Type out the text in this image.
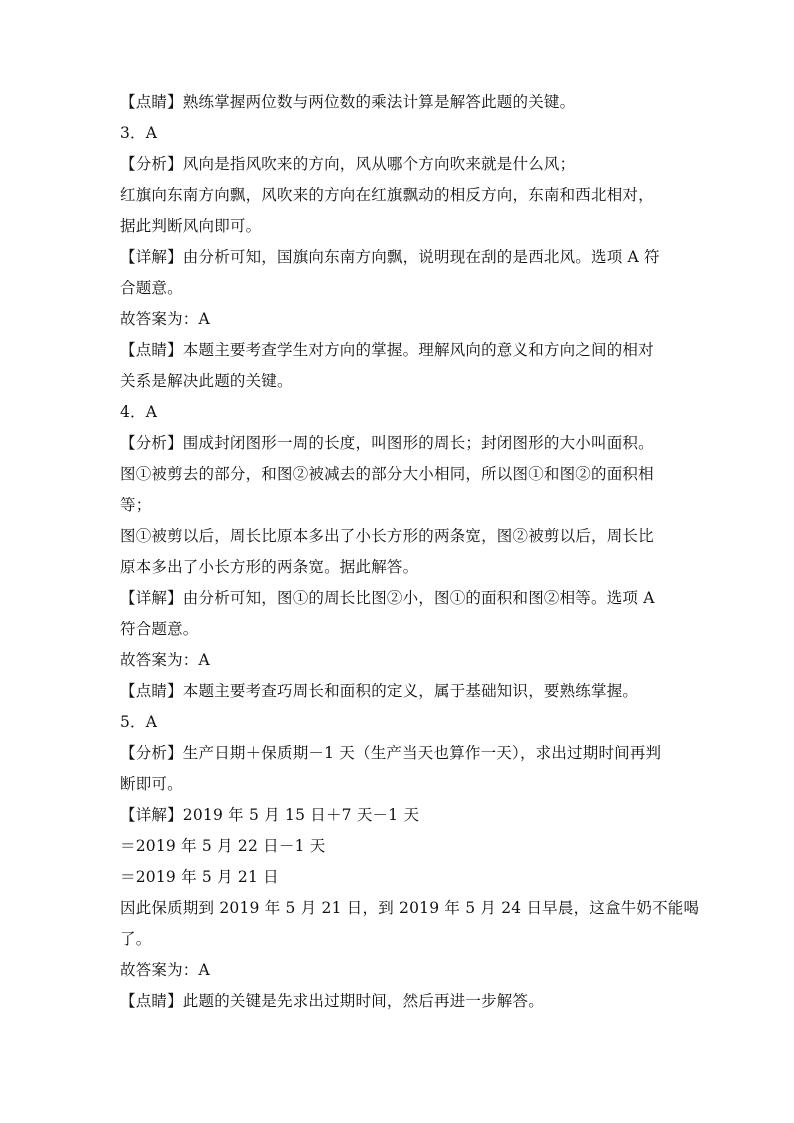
【点睛】熟练掌握两位数与两位数的乘法计算是解答此题的关键。
3．A
【分析】风向是指风吹来的方向，风从哪个方向吹来就是什么风；
红旗向东南方向飘，风吹来的方向在红旗飘动的相反方向，东南和西北相对，
据此判断风向即可。
【详解】由分析可知，国旗向东南方向飘，说明现在刮的是西北风。选项 A 符
合题意。
故答案为：A
【点睛】本题主要考查学生对方向的掌握。理解风向的意义和方向之间的相对
关系是解决此题的关键。
4．A
【分析】围成封闭图形一周的长度，叫图形的周长；封闭图形的大小叫面积。
图①被剪去的部分，和图②被减去的部分大小相同，所以图①和图②的面积相
等；
图①被剪以后，周长比原本多出了小长方形的两条宽，图②被剪以后，周长比
原本多出了小长方形的两条宽。据此解答。
【详解】由分析可知，图①的周长比图②小，图①的面积和图②相等。选项 A
符合题意。
故答案为：A
【点睛】本题主要考查巧周长和面积的定义，属于基础知识，要熟练掌握。
5．A
【分析】生产日期＋保质期－1 天（生产当天也算作一天），求出过期时间再判
断即可。
【详解】2019 年 5 月 15 日＋7 天－1 天
＝2019 年 5 月 22 日－1 天
＝2019 年 5 月 21 日
因此保质期到 2019 年 5 月 21 日，到 2019 年 5 月 24 日早晨，这盒牛奶不能喝
了。
故答案为：A
【点睛】此题的关键是先求出过期时间，然后再进一步解答。
